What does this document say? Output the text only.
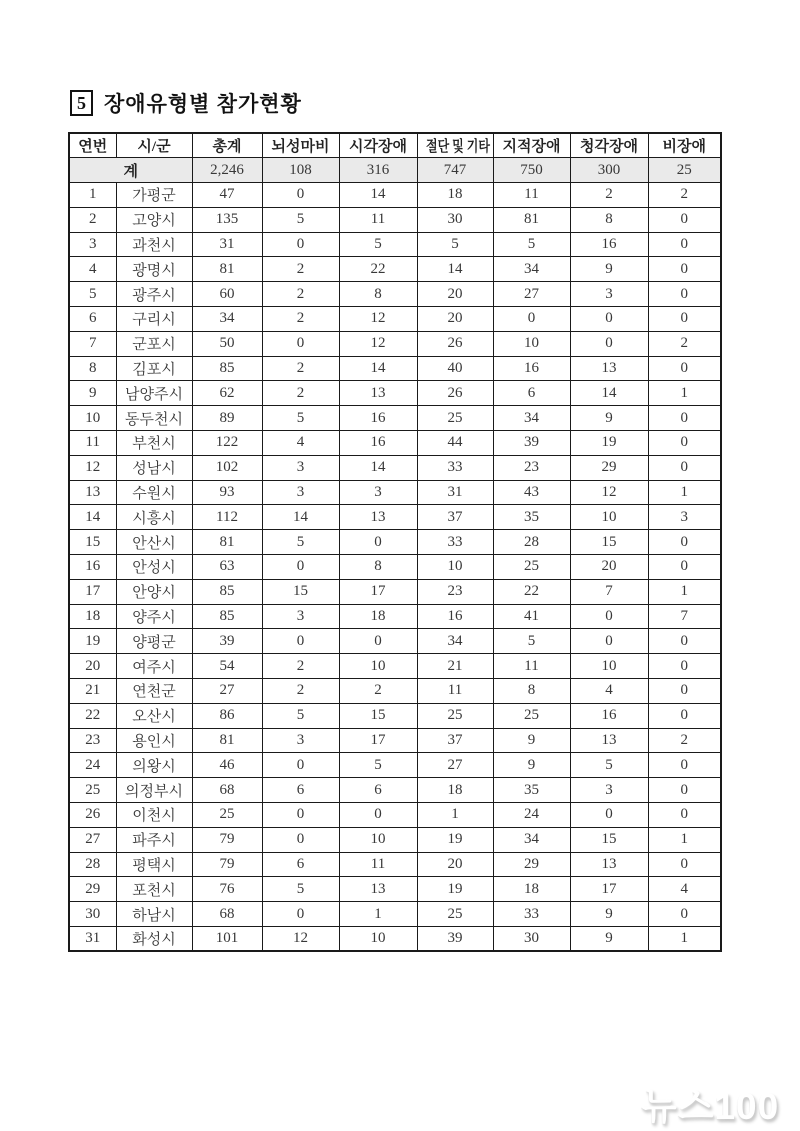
5 장애유형별 참가현황
연번	시/군	총계	뇌성마비	시각장애	절단 및 기타	지적장애	청각장애	비장애
계		2,246	108	316	747	750	300	25
1	가평군	47	0	14	18	11	2	2
2	고양시	135	5	11	30	81	8	0
3	과천시	31	0	5	5	5	16	0
4	광명시	81	2	22	14	34	9	0
5	광주시	60	2	8	20	27	3	0
6	구리시	34	2	12	20	0	0	0
7	군포시	50	0	12	26	10	0	2
8	김포시	85	2	14	40	16	13	0
9	남양주시	62	2	13	26	6	14	1
10	동두천시	89	5	16	25	34	9	0
11	부천시	122	4	16	44	39	19	0
12	성남시	102	3	14	33	23	29	0
13	수원시	93	3	3	31	43	12	1
14	시흥시	112	14	13	37	35	10	3
15	안산시	81	5	0	33	28	15	0
16	안성시	63	0	8	10	25	20	0
17	안양시	85	15	17	23	22	7	1
18	양주시	85	3	18	16	41	0	7
19	양평군	39	0	0	34	5	0	0
20	여주시	54	2	10	21	11	10	0
21	연천군	27	2	2	11	8	4	0
22	오산시	86	5	15	25	25	16	0
23	용인시	81	3	17	37	9	13	2
24	의왕시	46	0	5	27	9	5	0
25	의정부시	68	6	6	18	35	3	0
26	이천시	25	0	0	1	24	0	0
27	파주시	79	0	10	19	34	15	1
28	평택시	79	6	11	20	29	13	0
29	포천시	76	5	13	19	18	17	4
30	하남시	68	0	1	25	33	9	0
31	화성시	101	12	10	39	30	9	1
뉴스100
